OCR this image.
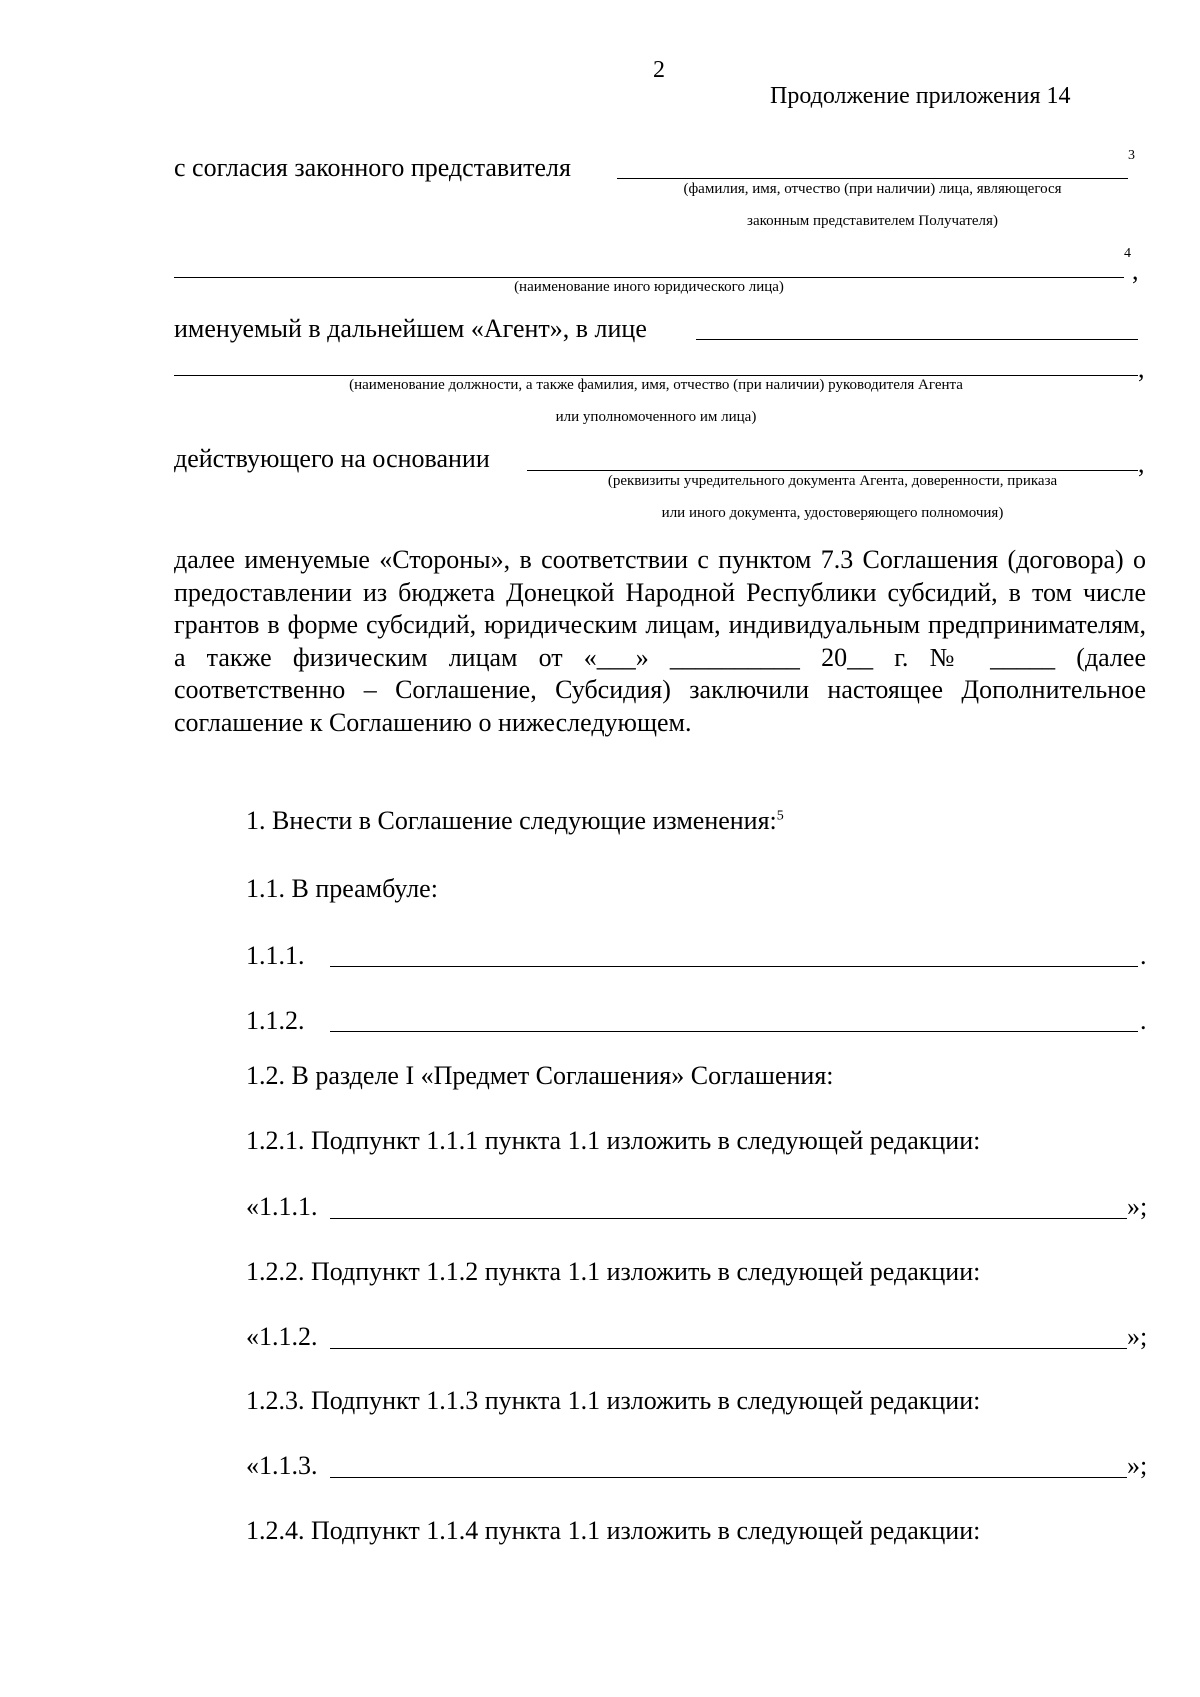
2
Продолжение приложения 14
с согласия законного представителя	3
(фамилия, имя, отчество (при наличии) лица, являющегося
законным представителем Получателя)
4
,
(наименование иного юридического лица)
именуемый в дальнейшем «Агент», в лице
,
(наименование должности, а также фамилия, имя, отчество (при наличии) руководителя Агента
или уполномоченного им лица)
действующего на основании	,
(реквизиты учредительного документа Агента, доверенности, приказа
или иного документа, удостоверяющего полномочия)
далее именуемые «Стороны», в соответствии с пунктом 7.3 Соглашения (договора) о предоставлении из бюджета Донецкой Народной Республики субсидий, в том числе грантов в форме субсидий, юридическим лицам, индивидуальным предпринимателям, а также физическим лицам от «___» __________ 20__ г. № _____ (далее соответственно – Соглашение, Субсидия) заключили настоящее Дополнительное соглашение к Соглашению о нижеследующем.
1. Внести в Соглашение следующие изменения:$^5$
1.1. В преамбуле:
1.1.1.	.
1.1.2.	.
1.2. В разделе I «Предмет Соглашения» Соглашения:
1.2.1. Подпункт 1.1.1 пункта 1.1 изложить в следующей редакции:
«1.1.1.	»;
1.2.2. Подпункт 1.1.2 пункта 1.1 изложить в следующей редакции:
«1.1.2.	»;
1.2.3. Подпункт 1.1.3 пункта 1.1 изложить в следующей редакции:
«1.1.3.	»;
1.2.4. Подпункт 1.1.4 пункта 1.1 изложить в следующей редакции:
